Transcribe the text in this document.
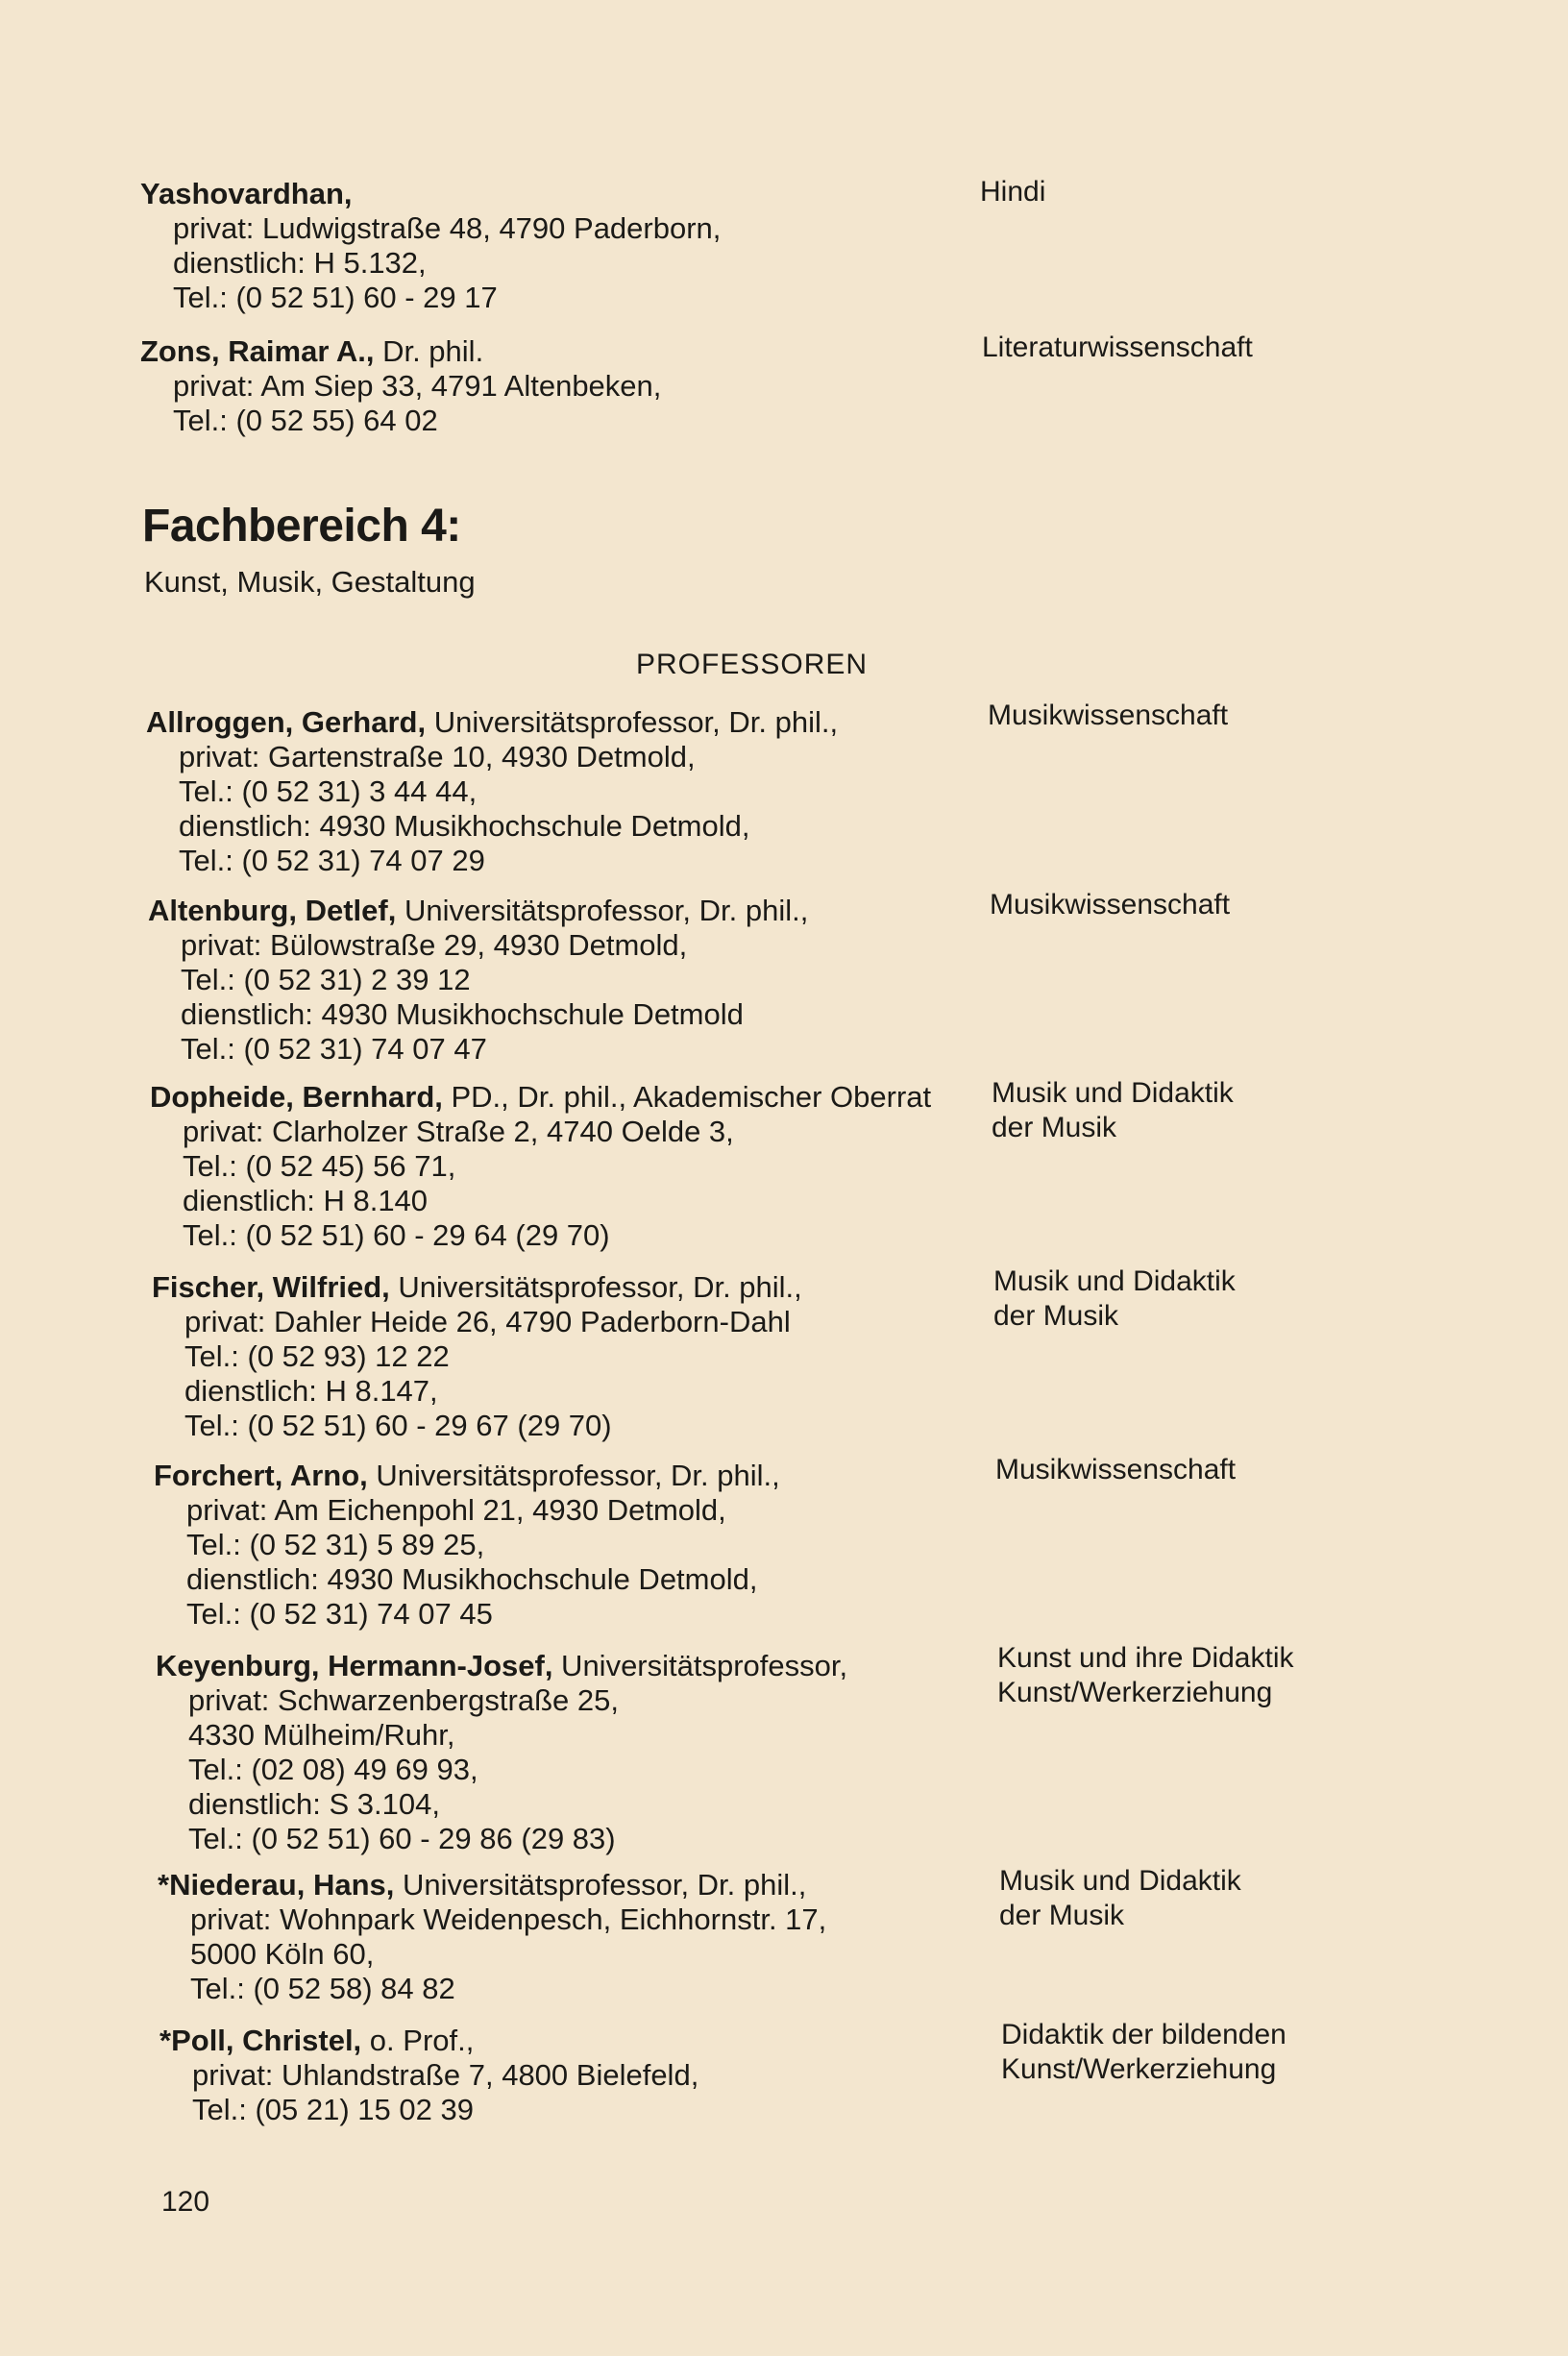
Yashovardhan,

privat: Ludwigstraße 48, 4790 Paderborn,

dienstlich: H 5.132,

Tel.: (0 52 51) 60 - 29 17

Hindi

Zons, Raimar A., Dr. phil.

privat: Am Siep 33, 4791 Altenbeken,

Tel.: (0 52 55) 64 02

Literaturwissenschaft
Fachbereich 4:
Kunst, Musik, Gestaltung
PROFESSOREN

Allroggen, Gerhard, Universitätsprofessor, Dr. phil.,

privat: Gartenstraße 10, 4930 Detmold,

Tel.: (0 52 31) 3 44 44,

dienstlich: 4930 Musikhochschule Detmold,

Tel.: (0 52 31) 74 07 29

Musikwissenschaft

Altenburg, Detlef, Universitätsprofessor, Dr. phil.,

privat: Bülowstraße 29, 4930 Detmold,

Tel.: (0 52 31) 2 39 12

dienstlich: 4930 Musikhochschule Detmold

Tel.: (0 52 31) 74 07 47

Musikwissenschaft

Dopheide, Bernhard, PD., Dr. phil., Akademischer Oberrat

privat: Clarholzer Straße 2, 4740 Oelde 3,

Tel.: (0 52 45) 56 71,

dienstlich: H 8.140

Tel.: (0 52 51) 60 - 29 64 (29 70)

Musik und Didaktik
der Musik

Fischer, Wilfried, Universitätsprofessor, Dr. phil.,

privat: Dahler Heide 26, 4790 Paderborn-Dahl

Tel.: (0 52 93) 12 22

dienstlich: H 8.147,

Tel.: (0 52 51) 60 - 29 67 (29 70)

Musik und Didaktik
der Musik

Forchert, Arno, Universitätsprofessor, Dr. phil.,

privat: Am Eichenpohl 21, 4930 Detmold,

Tel.: (0 52 31) 5 89 25,

dienstlich: 4930 Musikhochschule Detmold,

Tel.: (0 52 31) 74 07 45

Musikwissenschaft

Keyenburg, Hermann-Josef, Universitätsprofessor,

privat: Schwarzenbergstraße 25,

4330 Mülheim/Ruhr,

Tel.: (02 08) 49 69 93,

dienstlich: S 3.104,

Tel.: (0 52 51) 60 - 29 86 (29 83)

Kunst und ihre Didaktik
Kunst/Werkerziehung

*Niederau, Hans, Universitätsprofessor, Dr. phil.,

privat: Wohnpark Weidenpesch, Eichhornstr. 17,

5000 Köln 60,

Tel.: (0 52 58) 84 82

Musik und Didaktik
der Musik

*Poll, Christel, o. Prof.,

privat: Uhlandstraße 7, 4800 Bielefeld,

Tel.: (05 21) 15 02 39

Didaktik der bildenden
Kunst/Werkerziehung
120
